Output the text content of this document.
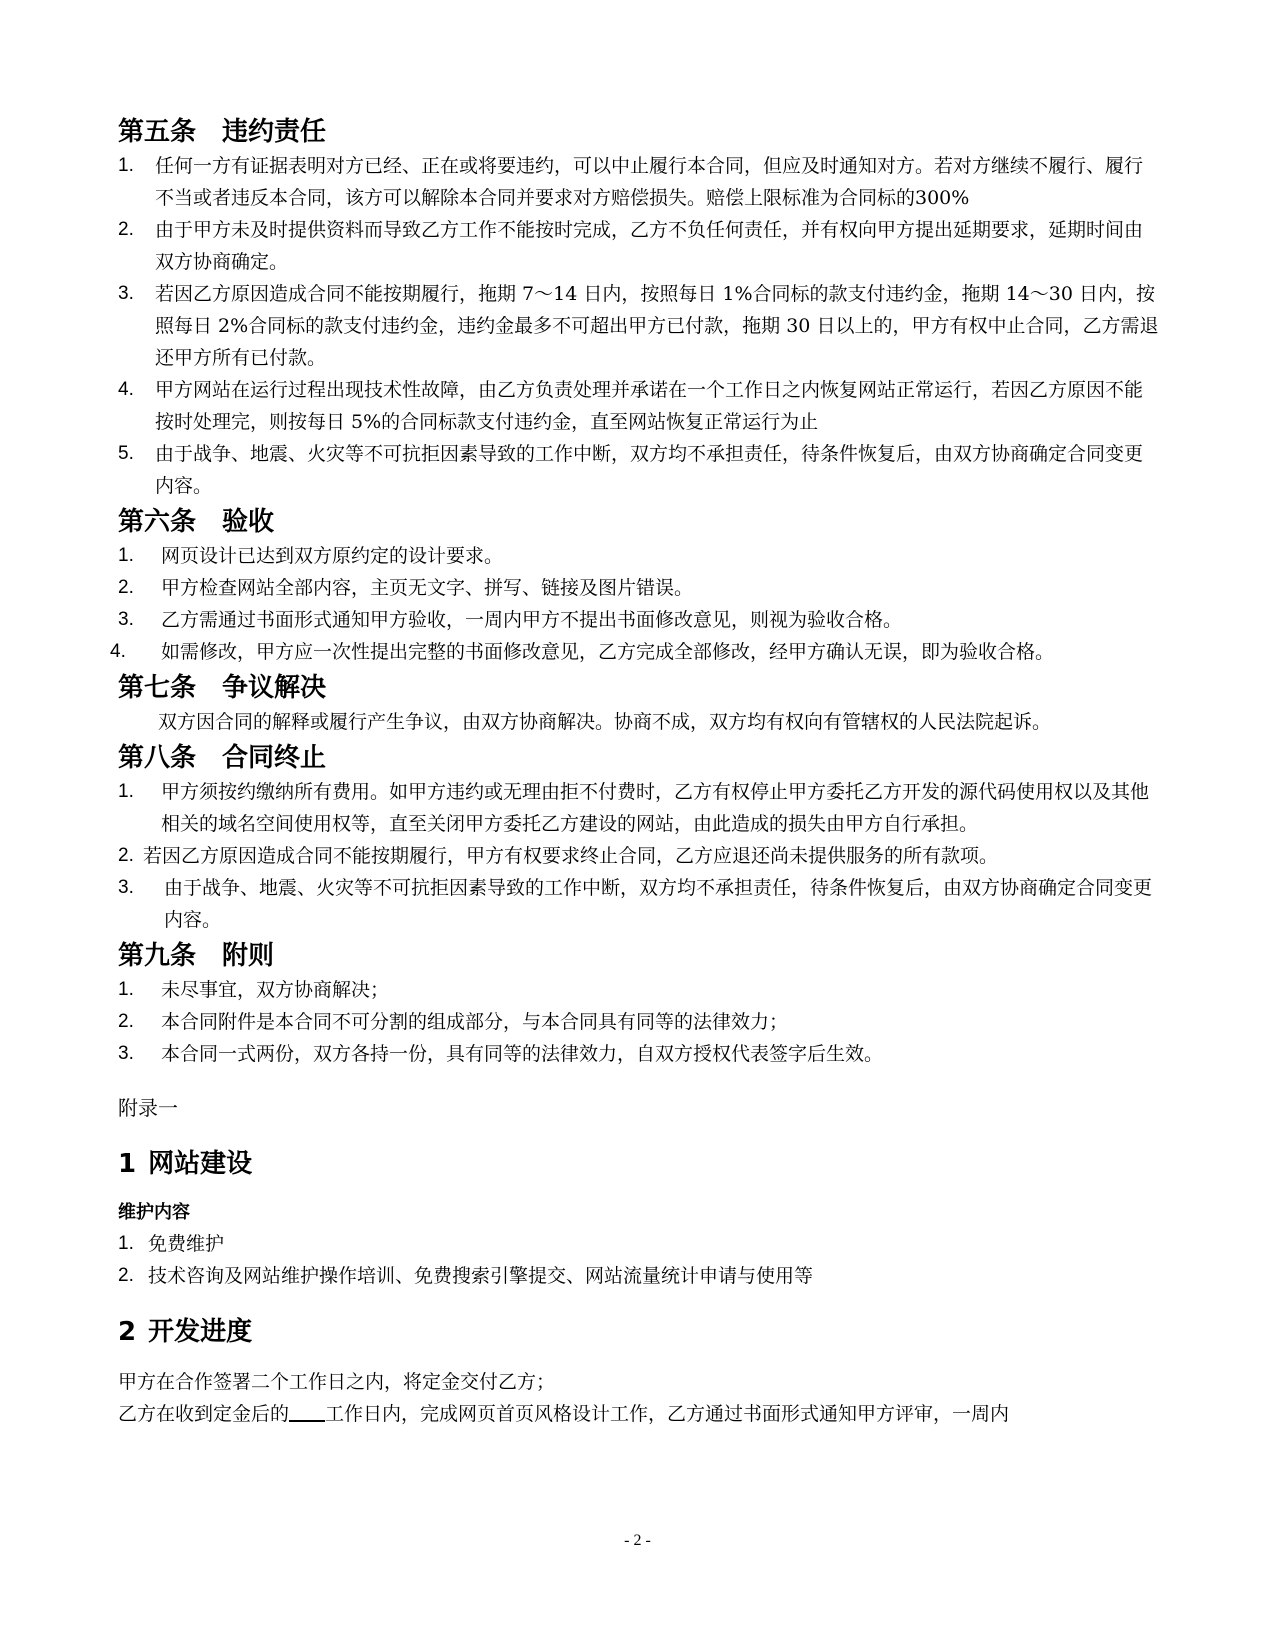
第五条 违约责任
1. 任何一方有证据表明对方已经、正在或将要违约，可以中止履行本合同，但应及时通知对方。若对方继续不履行、履行不当或者违反本合同，该方可以解除本合同并要求对方赔偿损失。赔偿上限标准为合同标的300%
2. 由于甲方未及时提供资料而导致乙方工作不能按时完成，乙方不负任何责任，并有权向甲方提出延期要求，延期时间由双方协商确定。
3. 若因乙方原因造成合同不能按期履行，拖期 7～14 日内，按照每日 1%合同标的款支付违约金，拖期 14～30 日内，按照每日 2%合同标的款支付违约金，违约金最多不可超出甲方已付款，拖期 30 日以上的，甲方有权中止合同，乙方需退还甲方所有已付款。
4. 甲方网站在运行过程出现技术性故障，由乙方负责处理并承诺在一个工作日之内恢复网站正常运行，若因乙方原因不能按时处理完，则按每日 5%的合同标款支付违约金，直至网站恢复正常运行为止
5. 由于战争、地震、火灾等不可抗拒因素导致的工作中断，双方均不承担责任，待条件恢复后，由双方协商确定合同变更内容。
第六条 验收
1. 网页设计已达到双方原约定的设计要求。
2. 甲方检查网站全部内容，主页无文字、拼写、链接及图片错误。
3. 乙方需通过书面形式通知甲方验收，一周内甲方不提出书面修改意见，则视为验收合格。
4. 如需修改，甲方应一次性提出完整的书面修改意见，乙方完成全部修改，经甲方确认无误，即为验收合格。
第七条 争议解决
双方因合同的解释或履行产生争议，由双方协商解决。协商不成，双方均有权向有管辖权的人民法院起诉。
第八条 合同终止
1. 甲方须按约缴纳所有费用。如甲方违约或无理由拒不付费时，乙方有权停止甲方委托乙方开发的源代码使用权以及其他相关的域名空间使用权等，直至关闭甲方委托乙方建设的网站，由此造成的损失由甲方自行承担。
2. 若因乙方原因造成合同不能按期履行，甲方有权要求终止合同，乙方应退还尚未提供服务的所有款项。
3. 由于战争、地震、火灾等不可抗拒因素导致的工作中断，双方均不承担责任，待条件恢复后，由双方协商确定合同变更内容。
第九条 附则
1. 未尽事宜，双方协商解决；
2. 本合同附件是本合同不可分割的组成部分，与本合同具有同等的法律效力；
3. 本合同一式两份，双方各持一份，具有同等的法律效力，自双方授权代表签字后生效。
附录一
1 网站建设
维护内容
1. 免费维护
2. 技术咨询及网站维护操作培训、免费搜索引擎提交、网站流量统计申请与使用等
2 开发进度
甲方在合作签署二个工作日之内，将定金交付乙方；
乙方在收到定金后的 工作日内，完成网页首页风格设计工作，乙方通过书面形式通知甲方评审，一周内
- 2 -
